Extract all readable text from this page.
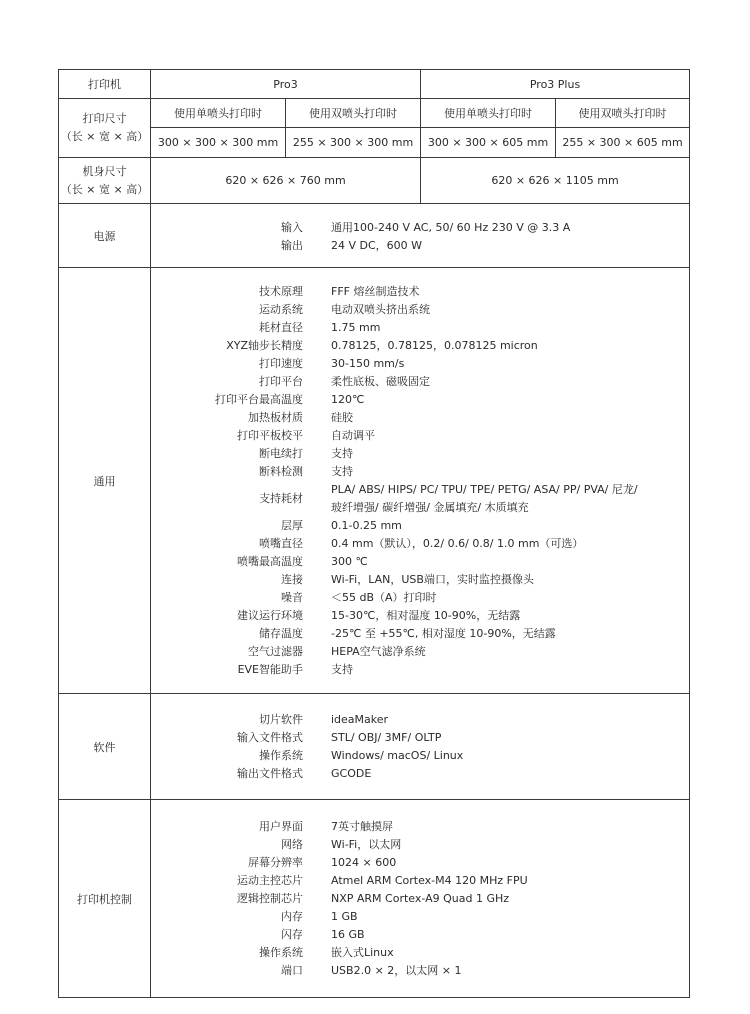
打印机	Pro3	Pro3 Plus

打印尺寸
（长 × 宽 × 高）
	使用单喷头打印时	使用双喷头打印时	使用单喷头打印时	使用双喷头打印时
300 × 300 × 300 mm	255 × 300 × 300 mm	300 × 300 × 605 mm	255 × 300 × 605 mm

机身尺寸
（长 × 宽 × 高）
	620 × 626 × 760 mm	620 × 626 × 1105 mm
电源	
输入	通用100-240 V AC, 50/ 60 Hz 230 V @ 3.3 A
输出	24 V DC，600 W

通用	
技术原理	FFF 熔丝制造技术
运动系统	电动双喷头挤出系统
耗材直径	1.75 mm
XYZ轴步长精度	0.78125，0.78125，0.078125 micron
打印速度	30-150 mm/s
打印平台	柔性底板、磁吸固定
打印平台最高温度	120℃
加热板材质	硅胶
打印平板校平	自动调平
断电续打	支持
断料检测	支持
支持耗材	
PLA/ ABS/ HIPS/ PC/ TPU/ TPE/ PETG/ ASA/ PP/ PVA/ 尼龙/
玻纤增强/ 碳纤增强/ 金属填充/ 木质填充

层厚	0.1-0.25 mm
喷嘴直径	0.4 mm（默认），0.2/ 0.6/ 0.8/ 1.0 mm（可选）
喷嘴最高温度	300 ℃
连接	Wi-Fi，LAN，USB端口，实时监控摄像头
噪音	＜55 dB（A）打印时
建议运行环境	15-30℃，相对湿度 10-90%，无结露
储存温度	-25℃ 至 +55℃, 相对湿度 10-90%，无结露
空气过滤器	HEPA空气滤净系统
EVE智能助手	支持

软件	
切片软件	ideaMaker
输入文件格式	STL/ OBJ/ 3MF/ OLTP
操作系统	Windows/ macOS/ Linux
输出文件格式	GCODE

打印机控制	
用户界面	7英寸触摸屏
网络	Wi-Fi，以太网
屏幕分辨率	1024 × 600
运动主控芯片	Atmel ARM Cortex-M4 120 MHz FPU
逻辑控制芯片	NXP ARM Cortex-A9 Quad 1 GHz
内存	1 GB
闪存	16 GB
操作系统	嵌入式Linux
端口	USB2.0 × 2，以太网 × 1
